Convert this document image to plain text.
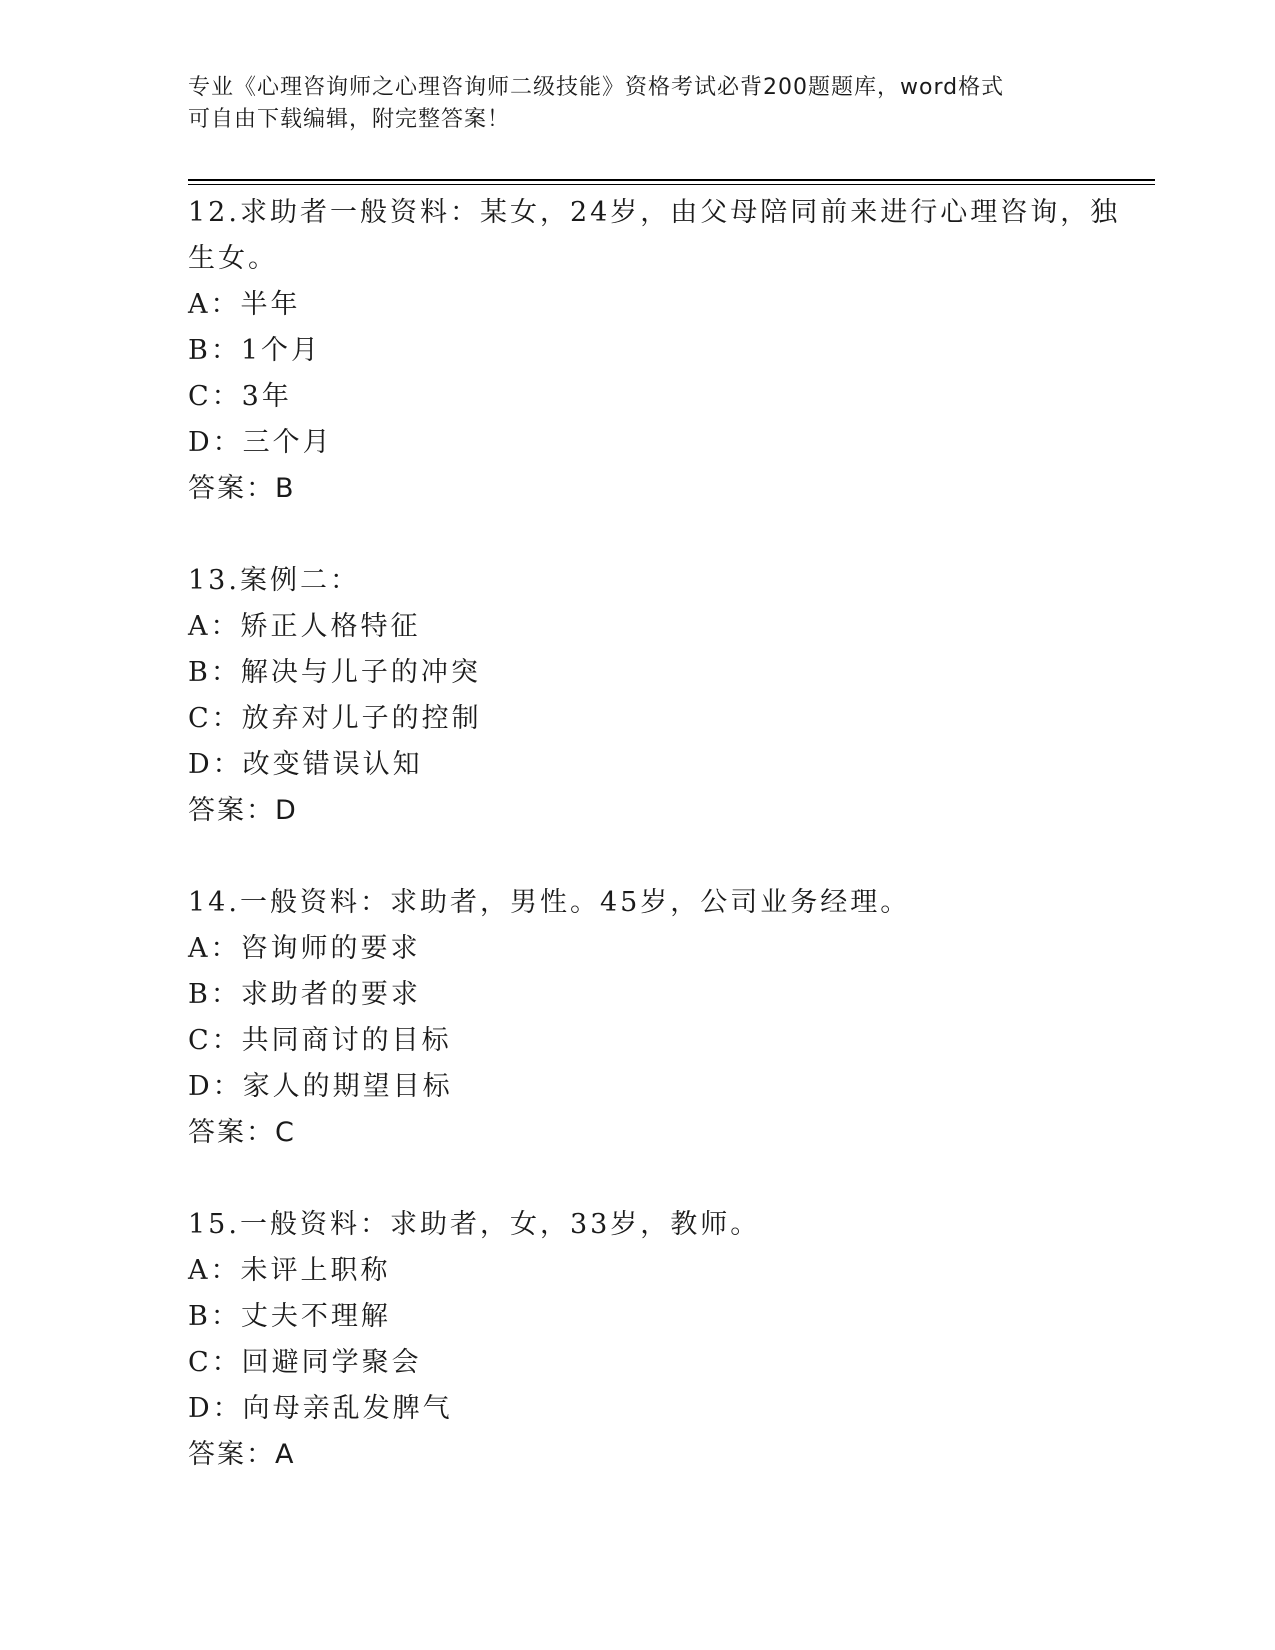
专业《心理咨询师之心理咨询师二级技能》资格考试必背200题题库，word格式
可自由下载编辑，附完整答案！

12.求助者一般资料：某女，24岁，由父母陪同前来进行心理咨询，独生女。

A：半年

B：1个月

C：3年

D：三个月

答案：B

13.案例二：

A：矫正人格特征

B：解决与儿子的冲突

C：放弃对儿子的控制

D：改变错误认知

答案：D

14.一般资料：求助者，男性。45岁，公司业务经理。

A：咨询师的要求

B：求助者的要求

C：共同商讨的目标

D：家人的期望目标

答案：C

15.一般资料：求助者，女，33岁，教师。

A：未评上职称

B：丈夫不理解

C：回避同学聚会

D：向母亲乱发脾气

答案：A
